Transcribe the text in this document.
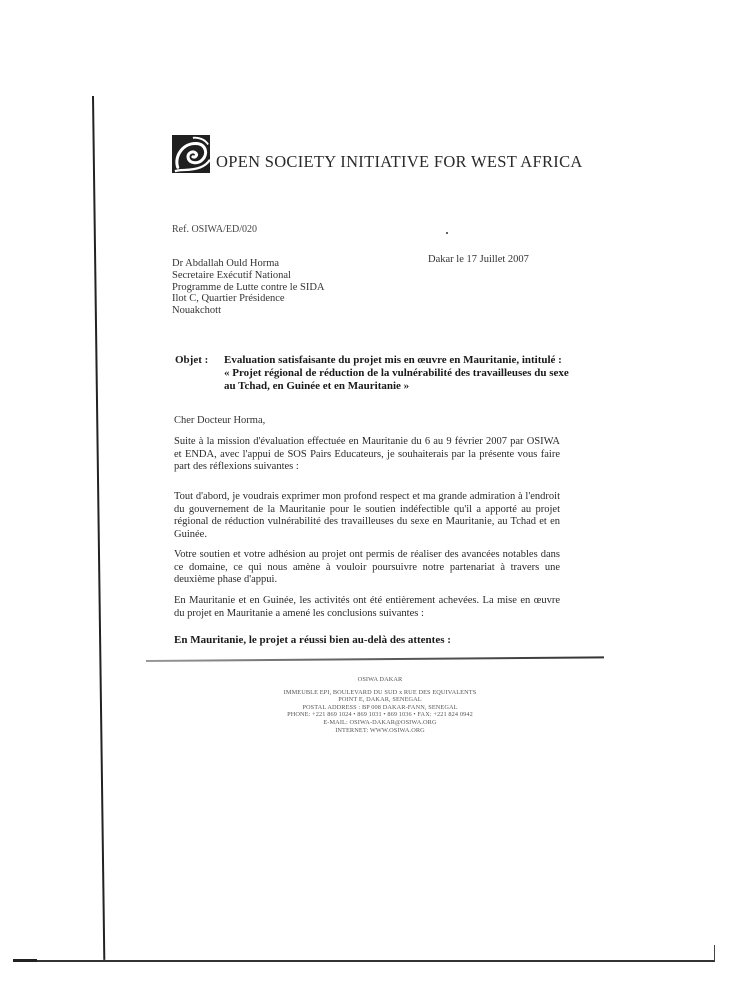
OPEN SOCIETY INITIATIVE FOR WEST AFRICA
Ref. OSIWA/ED/020
Dakar le 17 Juillet 2007
Dr Abdallah Ould Horma
Secretaire Exécutif National
Programme de Lutte contre le SIDA
Ilot C, Quartier Présidence
Nouakchott
Objet : Evaluation satisfaisante du projet mis en œuvre en Mauritanie, intitulé :
« Projet régional de réduction de la vulnérabilité des travailleuses du sexe au Tchad, en Guinée et en Mauritanie »
Cher Docteur Horma,
Suite à la mission d'évaluation effectuée en Mauritanie du 6 au 9 février 2007 par OSIWA et ENDA, avec l'appui de SOS Pairs Educateurs, je souhaiterais par la présente vous faire part des réflexions suivantes :
Tout d'abord, je voudrais exprimer mon profond respect et ma grande admiration à l'endroit du gouvernement de la Mauritanie pour le soutien indéfectible qu'il a apporté au projet régional de réduction vulnérabilité des travailleuses du sexe en Mauritanie, au Tchad et en Guinée.
Votre soutien et votre adhésion au projet ont permis de réaliser des avancées notables dans ce domaine, ce qui nous amène à vouloir poursuivre notre partenariat à travers une deuxième phase d'appui.
En Mauritanie et en Guinée, les activités ont été entièrement achevées. La mise en œuvre du projet en Mauritanie a amené les conclusions suivantes :
En Mauritanie, le projet a réussi bien au-delà des attentes :
OSIWA DAKAR
IMMEUBLE EPI, BOULEVARD DU SUD x RUE DES EQUIVALENTS
POINT E, DAKAR, SENEGAL
POSTAL ADDRESS : BP 008 DAKAR-FANN, SENEGAL
PHONE: +221 869 1024 • 869 1031 • 869 1036 • FAX: +221 824 0942
E-MAIL: OSIWA-DAKAR@OSIWA.ORG
INTERNET: WWW.OSIWA.ORG
